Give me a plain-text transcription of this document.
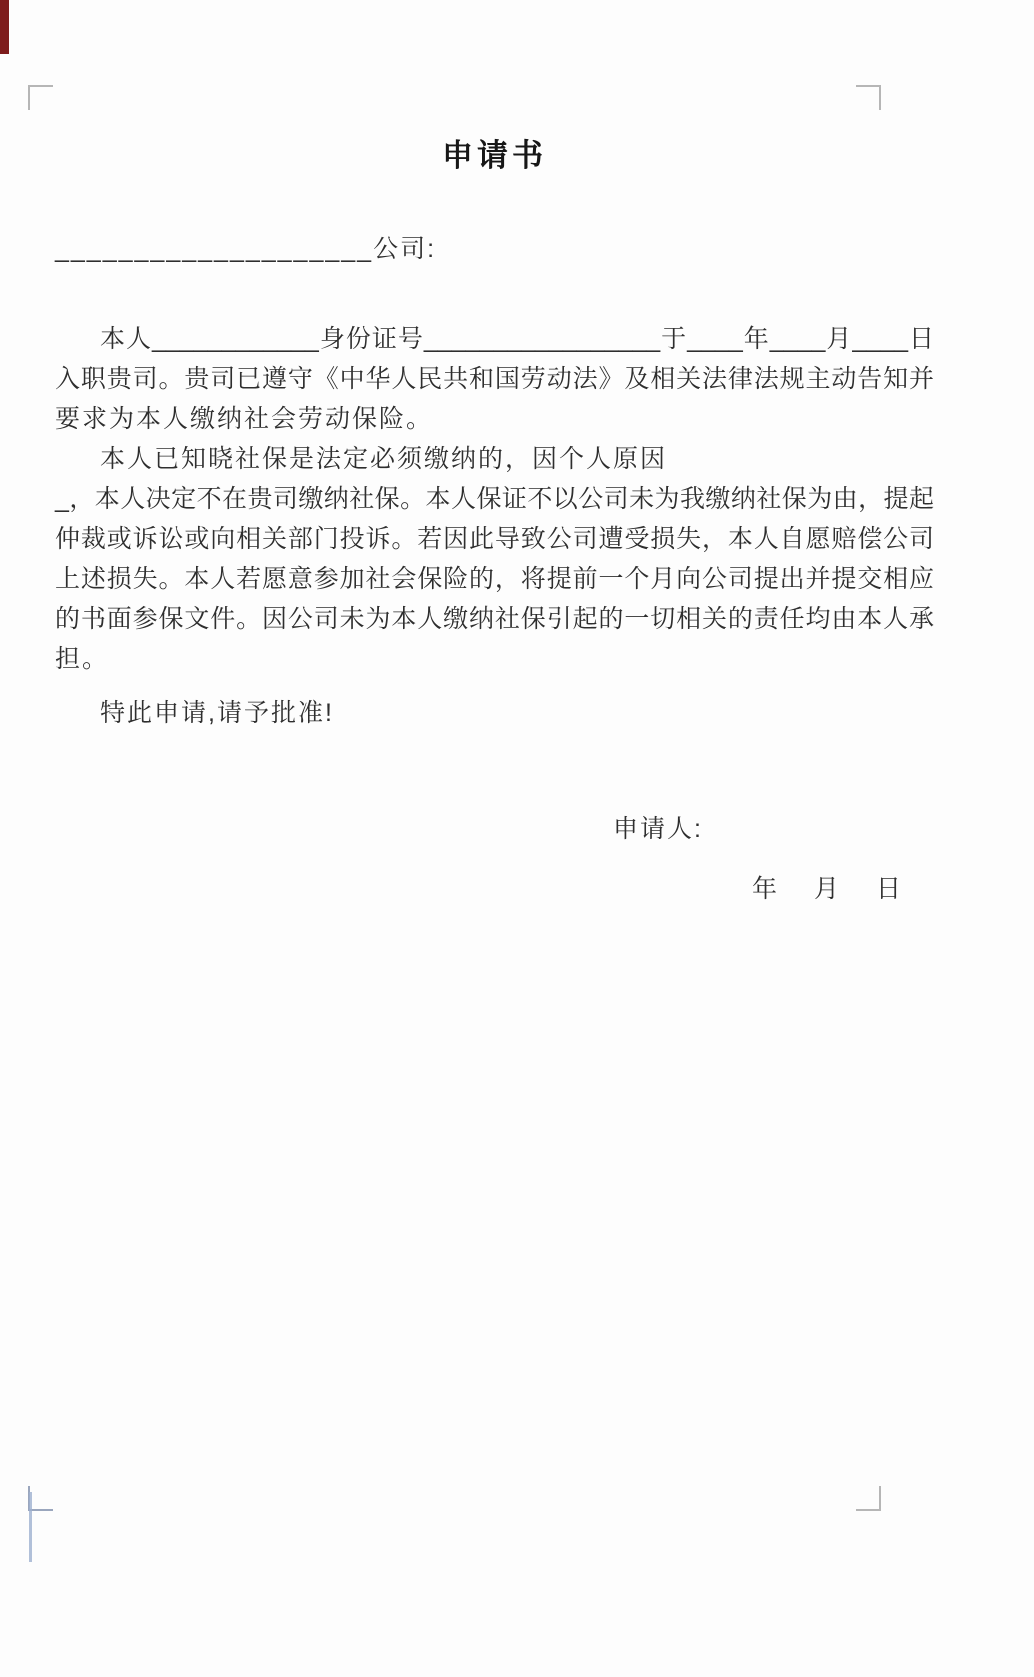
申请书
____________________公司:
本人____________身份证号_________________于____年____月____日
入职贵司。贵司已遵守《中华人民共和国劳动法》及相关法律法规主动告知并
要求为本人缴纳社会劳动保险。
本人已知晓社保是法定必须缴纳的，因个人原因
_，本人决定不在贵司缴纳社保。本人保证不以公司未为我缴纳社保为由，提起
仲裁或诉讼或向相关部门投诉。若因此导致公司遭受损失，本人自愿赔偿公司
上述损失。本人若愿意参加社会保险的，将提前一个月向公司提出并提交相应
的书面参保文件。因公司未为本人缴纳社保引起的一切相关的责任均由本人承
担。
特此申请,请予批准!
申请人:
年　月　日
